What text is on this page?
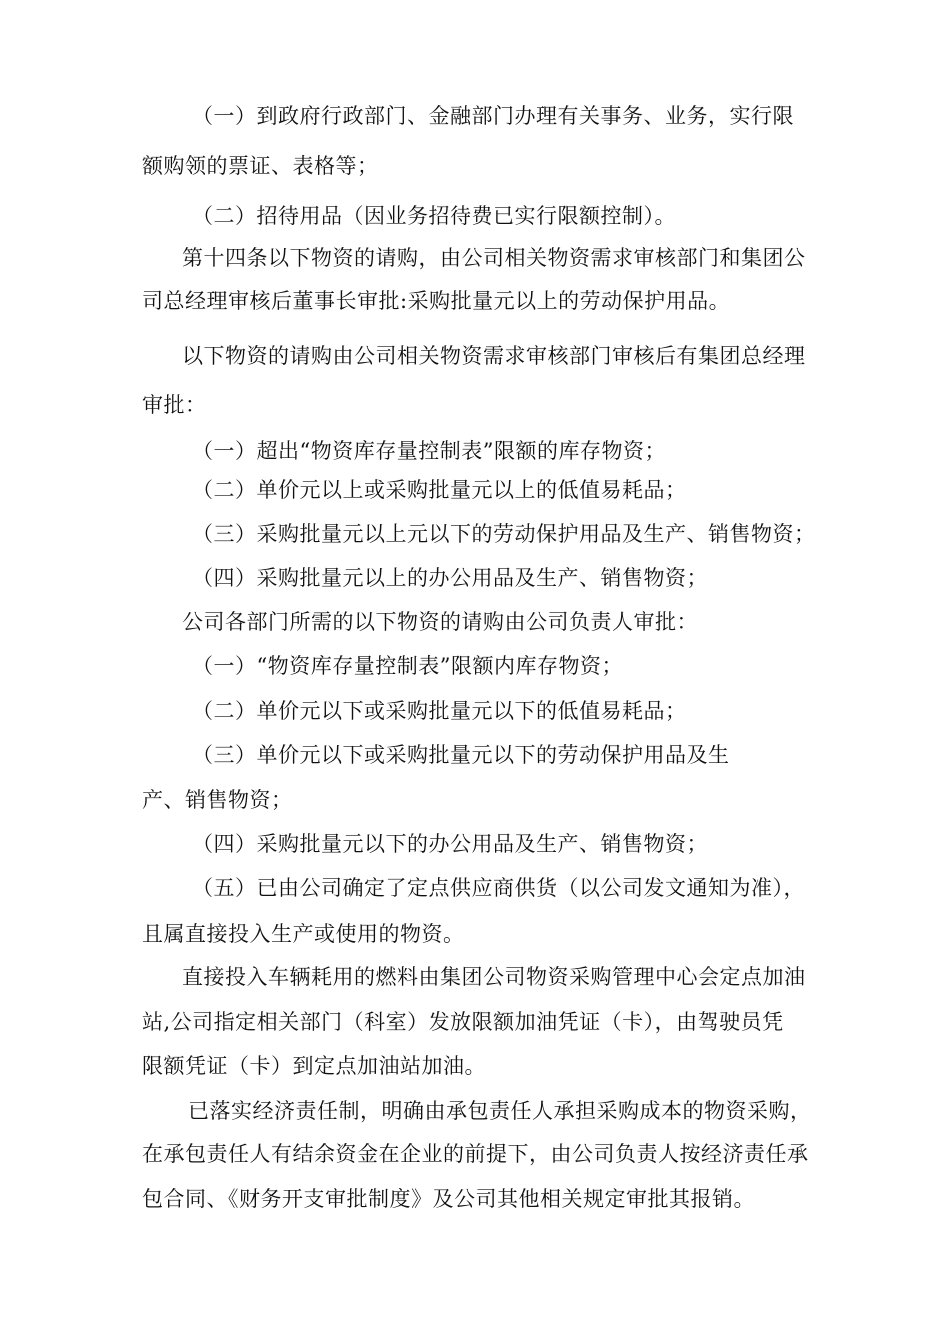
（一）到政府行政部门、金融部门办理有关事务、业务，实行限
额购领的票证、表格等；
（二）招待用品（因业务招待费已实行限额控制）。
第十四条以下物资的请购，由公司相关物资需求审核部门和集团公
司总经理审核后董事长审批:采购批量元以上的劳动保护用品。
以下物资的请购由公司相关物资需求审核部门审核后有集团总经理
审批：
（一）超出“物资库存量控制表”限额的库存物资；
（二）单价元以上或采购批量元以上的低值易耗品；
（三）采购批量元以上元以下的劳动保护用品及生产、销售物资；
（四）采购批量元以上的办公用品及生产、销售物资；
公司各部门所需的以下物资的请购由公司负责人审批：
（一）“物资库存量控制表”限额内库存物资；
（二）单价元以下或采购批量元以下的低值易耗品；
（三）单价元以下或采购批量元以下的劳动保护用品及生
产、销售物资；
（四）采购批量元以下的办公用品及生产、销售物资；
（五）已由公司确定了定点供应商供货（以公司发文通知为准），
且属直接投入生产或使用的物资。
直接投入车辆耗用的燃料由集团公司物资采购管理中心会定点加油
站,公司指定相关部门（科室）发放限额加油凭证（卡），由驾驶员凭
限额凭证（卡）到定点加油站加油。
已落实经济责任制，明确由承包责任人承担采购成本的物资采购，
在承包责任人有结余资金在企业的前提下，由公司负责人按经济责任承
包合同、《财务开支审批制度》及公司其他相关规定审批其报销。
